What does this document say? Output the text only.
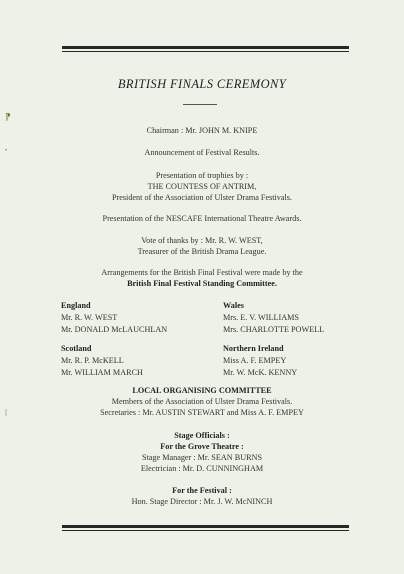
⁋
•
ǀ
BRITISH FINALS CEREMONY
Chairman : Mr. JOHN M. KNIPE
Announcement of Festival Results.
Presentation of trophies by :
THE COUNTESS OF ANTRIM,
President of the Association of Ulster Drama Festivals.
Presentation of the NESCAFE International Theatre Awards.
Vote of thanks by : Mr. R. W. WEST,
Treasurer of the British Drama League.
Arrangements for the British Final Festival were made by the
British Final Festival Standing Committee.
England
Mr. R. W. WEST
Mr. DONALD McLAUCHLAN
Wales
Mrs. E. V. WILLIAMS
Mrs. CHARLOTTE POWELL
Scotland
Mr. R. P. McKELL
Mr. WILLIAM MARCH
Northern Ireland
Miss A. F. EMPEY
Mr. W. McK. KENNY
LOCAL ORGANISING COMMITTEE
Members of the Association of Ulster Drama Festivals.
Secretaries : Mr. AUSTIN STEWART and Miss A. F. EMPEY
Stage Officials :
For the Grove Theatre :
Stage Manager : Mr. SEAN BURNS
Electrician : Mr. D. CUNNINGHAM
For the Festival :
Hon. Stage Director : Mr. J. W. McNINCH
